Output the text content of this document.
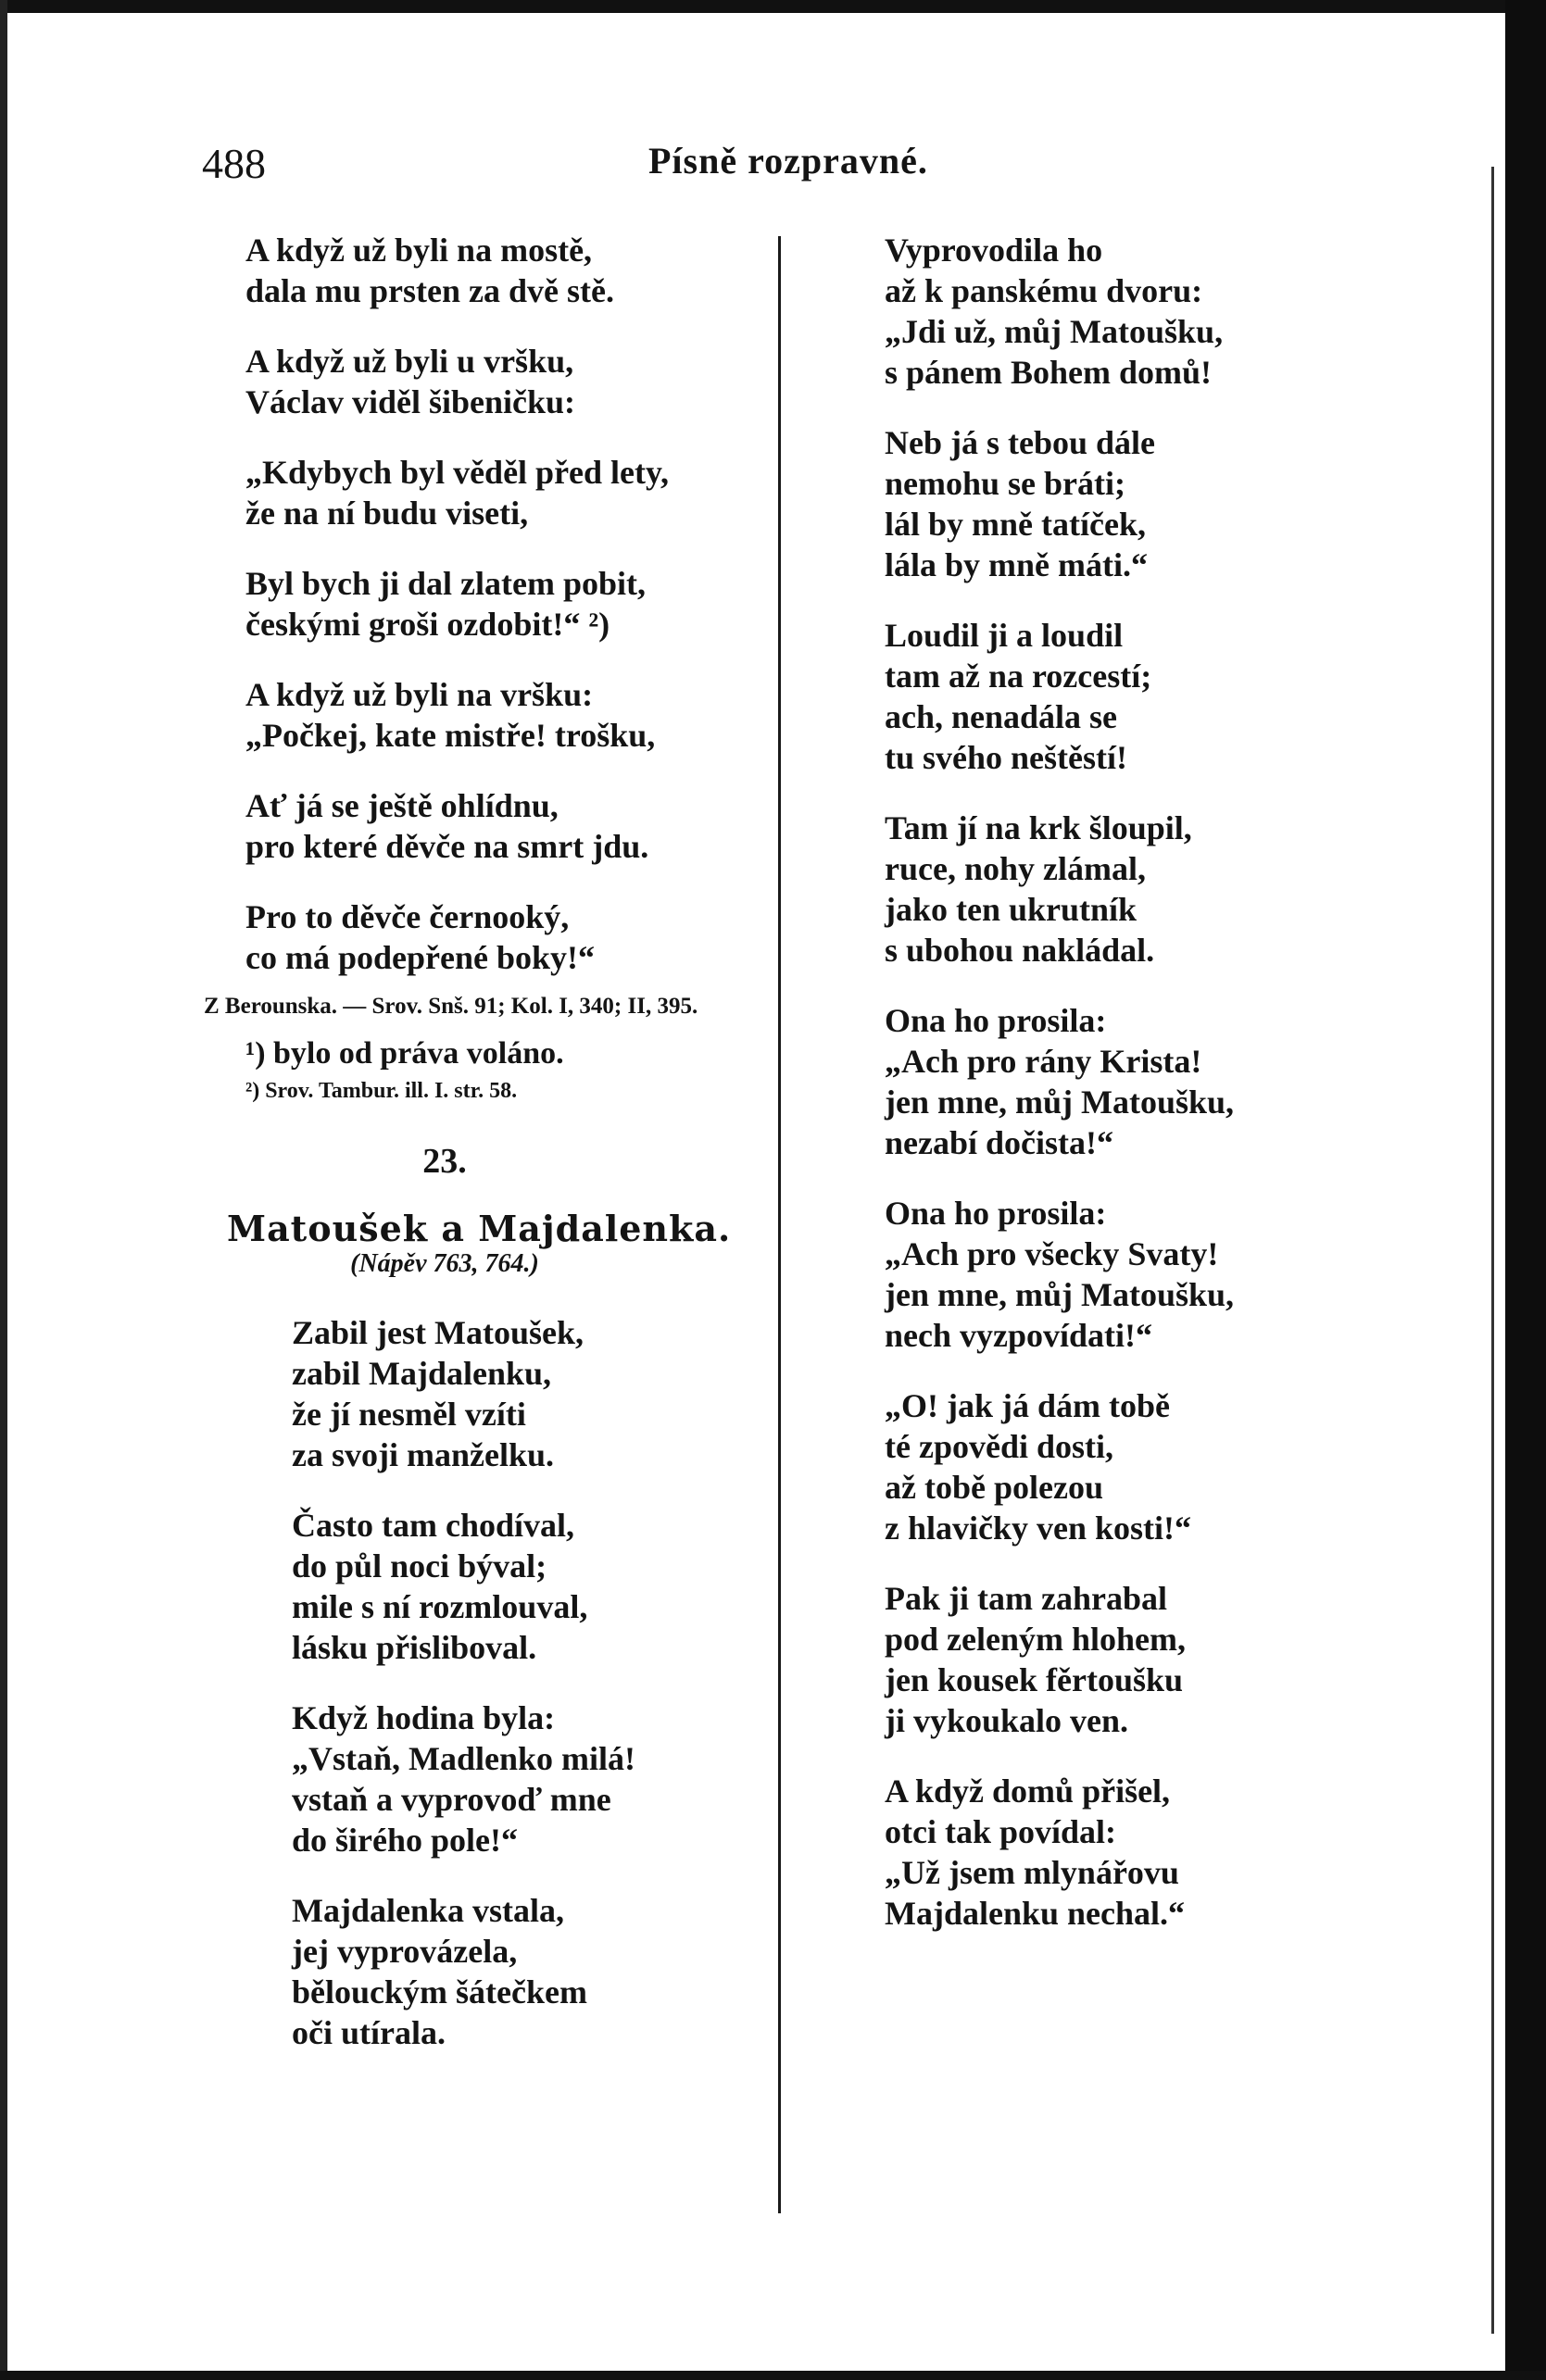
488	Písně rozpravné.
A když už byli na mostě,
dala mu prsten za dvě stě.
A když už byli u vršku,
Václav viděl šibeničku:
„Kdybych byl věděl před lety,
že na ní budu viseti,
Byl bych ji dal zlatem pobit,
českými groši ozdobit!“ ²)
A když už byli na vršku:
„Počkej, kate mistře! trošku,
Ať já se ještě ohlídnu,
pro které děvče na smrt jdu.
Pro to děvče černooký,
co má podepřené boky!“
Z Berounska. — Srov. Snš. 91; Kol. I, 340; II, 395.
¹) bylo od práva voláno.
²) Srov. Tambur. ill. I. str. 58.
23.
Matoušek a Majdalenka.
(Nápěv 763, 764.)
Zabil jest Matoušek,
zabil Majdalenku,
že jí nesměl vzíti
za svoji manželku.
Často tam chodíval,
do půl noci býval;
mile s ní rozmlouval,
lásku přisliboval.
Když hodina byla:
„Vstaň, Madlenko milá!
vstaň a vyprovoď mne
do širého pole!“
Majdalenka vstala,
jej vyprovázela,
bělouckým šátečkem
oči utírala.
Vyprovodila ho
až k panskému dvoru:
„Jdi už, můj Matoušku,
s pánem Bohem domů!
Neb já s tebou dále
nemohu se bráti;
lál by mně tatíček,
lála by mně máti.“
Loudil ji a loudil
tam až na rozcestí;
ach, nenadála se
tu svého neštěstí!
Tam jí na krk šloupil,
ruce, nohy zlámal,
jako ten ukrutník
s ubohou nakládal.
Ona ho prosila:
„Ach pro rány Krista!
jen mne, můj Matoušku,
nezabí dočista!“
Ona ho prosila:
„Ach pro všecky Svaty!
jen mne, můj Matoušku,
nech vyzpovídati!“
„O! jak já dám tobě
té zpovědi dosti,
až tobě polezou
z hlavičky ven kosti!“
Pak ji tam zahrabal
pod zeleným hlohem,
jen kousek fěrtoušku
ji vykoukalo ven.
A když domů přišel,
otci tak povídal:
„Už jsem mlynářovu
Majdalenku nechal.“
